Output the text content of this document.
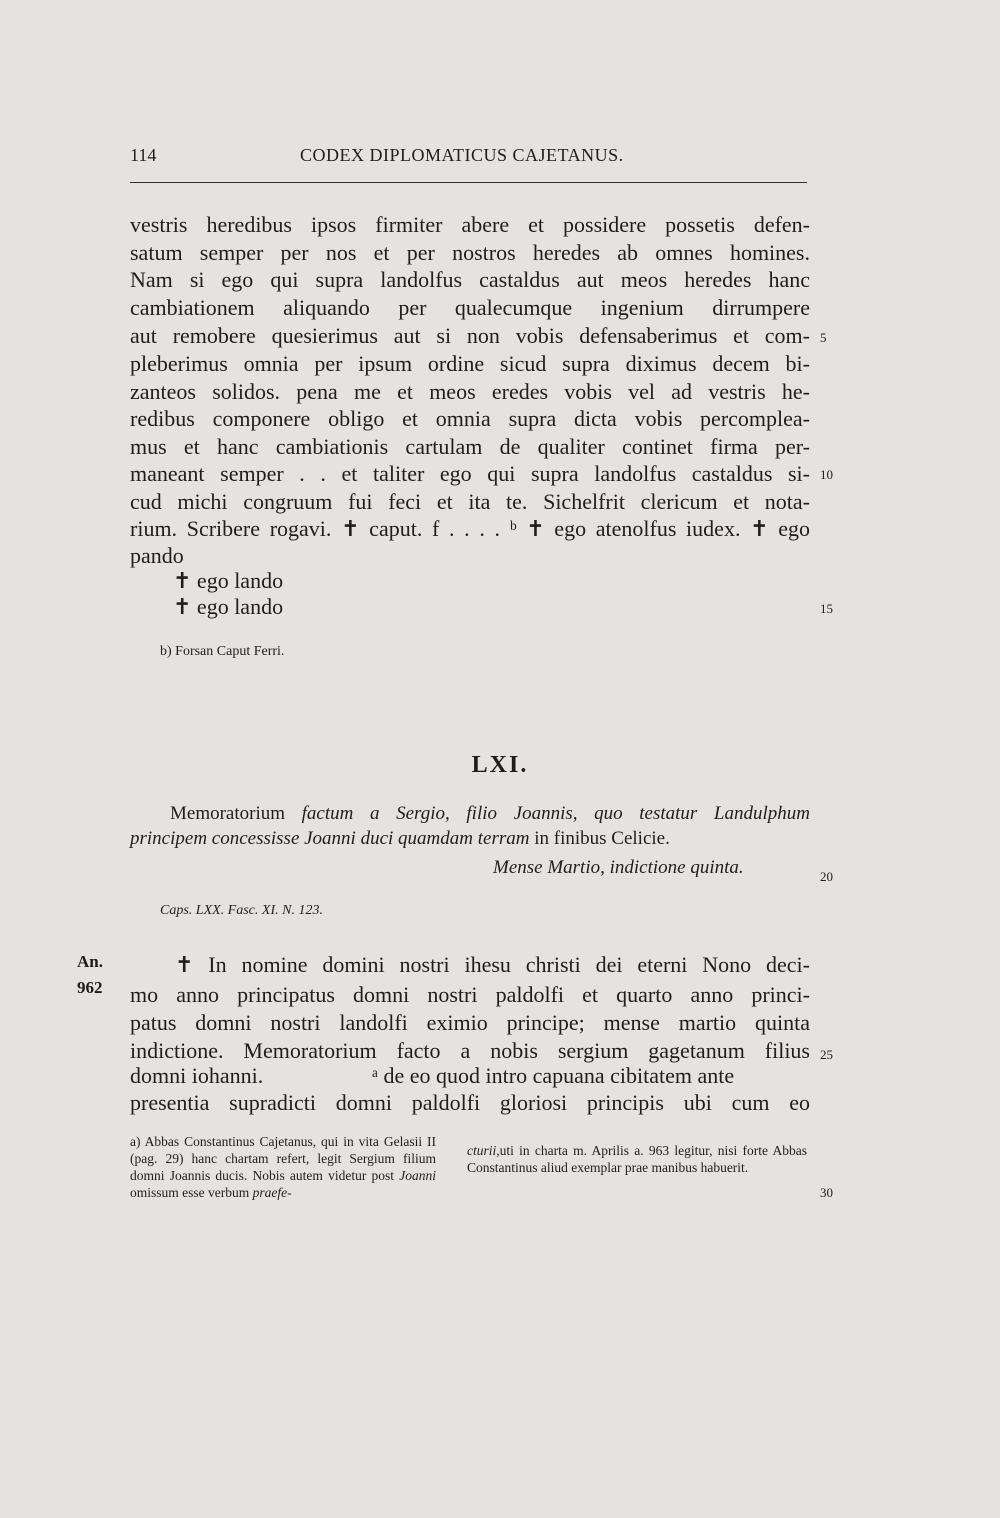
114	CODEX DIPLOMATICUS CAJETANUS.
vestris heredibus ipsos firmiter abere et possidere possetis defen-
satum semper per nos et per nostros heredes ab omnes homines.
Nam si ego qui supra landolfus castaldus aut meos heredes hanc
cambiationem aliquando per qualecumque ingenium dirrumpere
aut remobere quesierimus aut si non vobis defensaberimus et com-
pleberimus omnia per ipsum ordine sicud supra diximus decem bi-
zanteos solidos. pena me et meos eredes vobis vel ad vestris he-
redibus componere obligo et omnia supra dicta vobis percomplea-
mus et hanc cambiationis cartulam de qualiter continet firma per-
maneant semper . . et taliter ego qui supra landolfus castaldus si-
cud michi congruum fui feci et ita te. Sichelfrit clericum et nota-
rium. Scribere rogavi. ✝ caput. f . . . . ᵇ ✝ ego atenolfus iudex. ✝ ego
pando
✝ ego lando
✝ ego lando
b) Forsan Caput Ferri.
LXI.
Memoratorium factum a Sergio, filio Joannis, quo testatur Landulphum
principem concessisse Joanni duci quamdam terram in finibus Celicie.
Mense Martio, indictione quinta.
Caps. LXX. Fasc. XI. N. 123.
An.
962
✝ In nomine domini nostri ihesu christi dei eterni Nono deci-
mo anno principatus domni nostri paldolfi et quarto anno princi-
patus domni nostri landolfi eximio principe; mense martio quinta
indictione. Memoratorium facto a nobis sergium gagetanum filius
domni iohanni.	ᵃ de eo quod intro capuana cibitatem ante
presentia supradicti domni paldolfi gloriosi principis ubi cum eo
a) Abbas Constantinus Cajetanus, qui in vita Gelasii II (pag. 29) hanc chartam refert, legit Sergium filium domni Joannis ducis. Nobis autem videtur post Joanni omissum esse verbum praefe-
cturii,uti in charta m. Aprilis a. 963 legitur, nisi forte Abbas Constantinus aliud exemplar prae manibus habuerit.
5
10
15
20
25
30
